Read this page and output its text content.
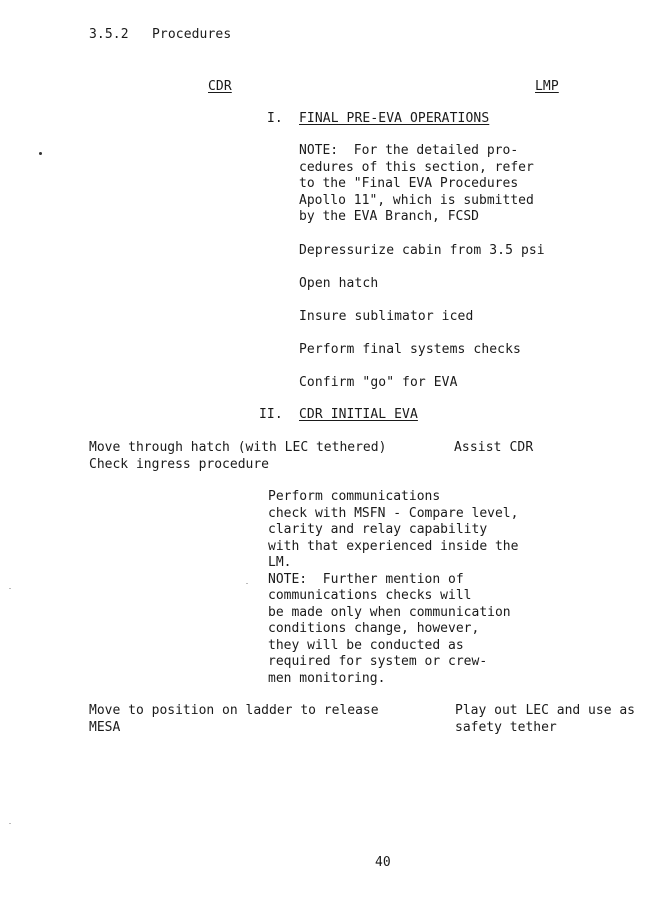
3.5.2 Procedures
CDR	LMP
I. FINAL PRE-EVA OPERATIONS
NOTE:  For the detailed pro-
cedures of this section, refer
to the "Final EVA Procedures
Apollo 11", which is submitted
by the EVA Branch, FCSD
Depressurize cabin from 3.5 psi
Open hatch
Insure sublimator iced
Perform final systems checks
Confirm "go" for EVA
II. CDR INITIAL EVA
Move through hatch (with LEC tethered)
Check ingress procedure
Assist CDR
Perform communications
check with MSFN - Compare level,
clarity and relay capability
with that experienced inside the
LM.
NOTE:  Further mention of
communications checks will
be made only when communication
conditions change, however,
they will be conducted as
required for system or crew-
men monitoring.
Move to position on ladder to release
MESA
Play out LEC and use as
safety tether
40
